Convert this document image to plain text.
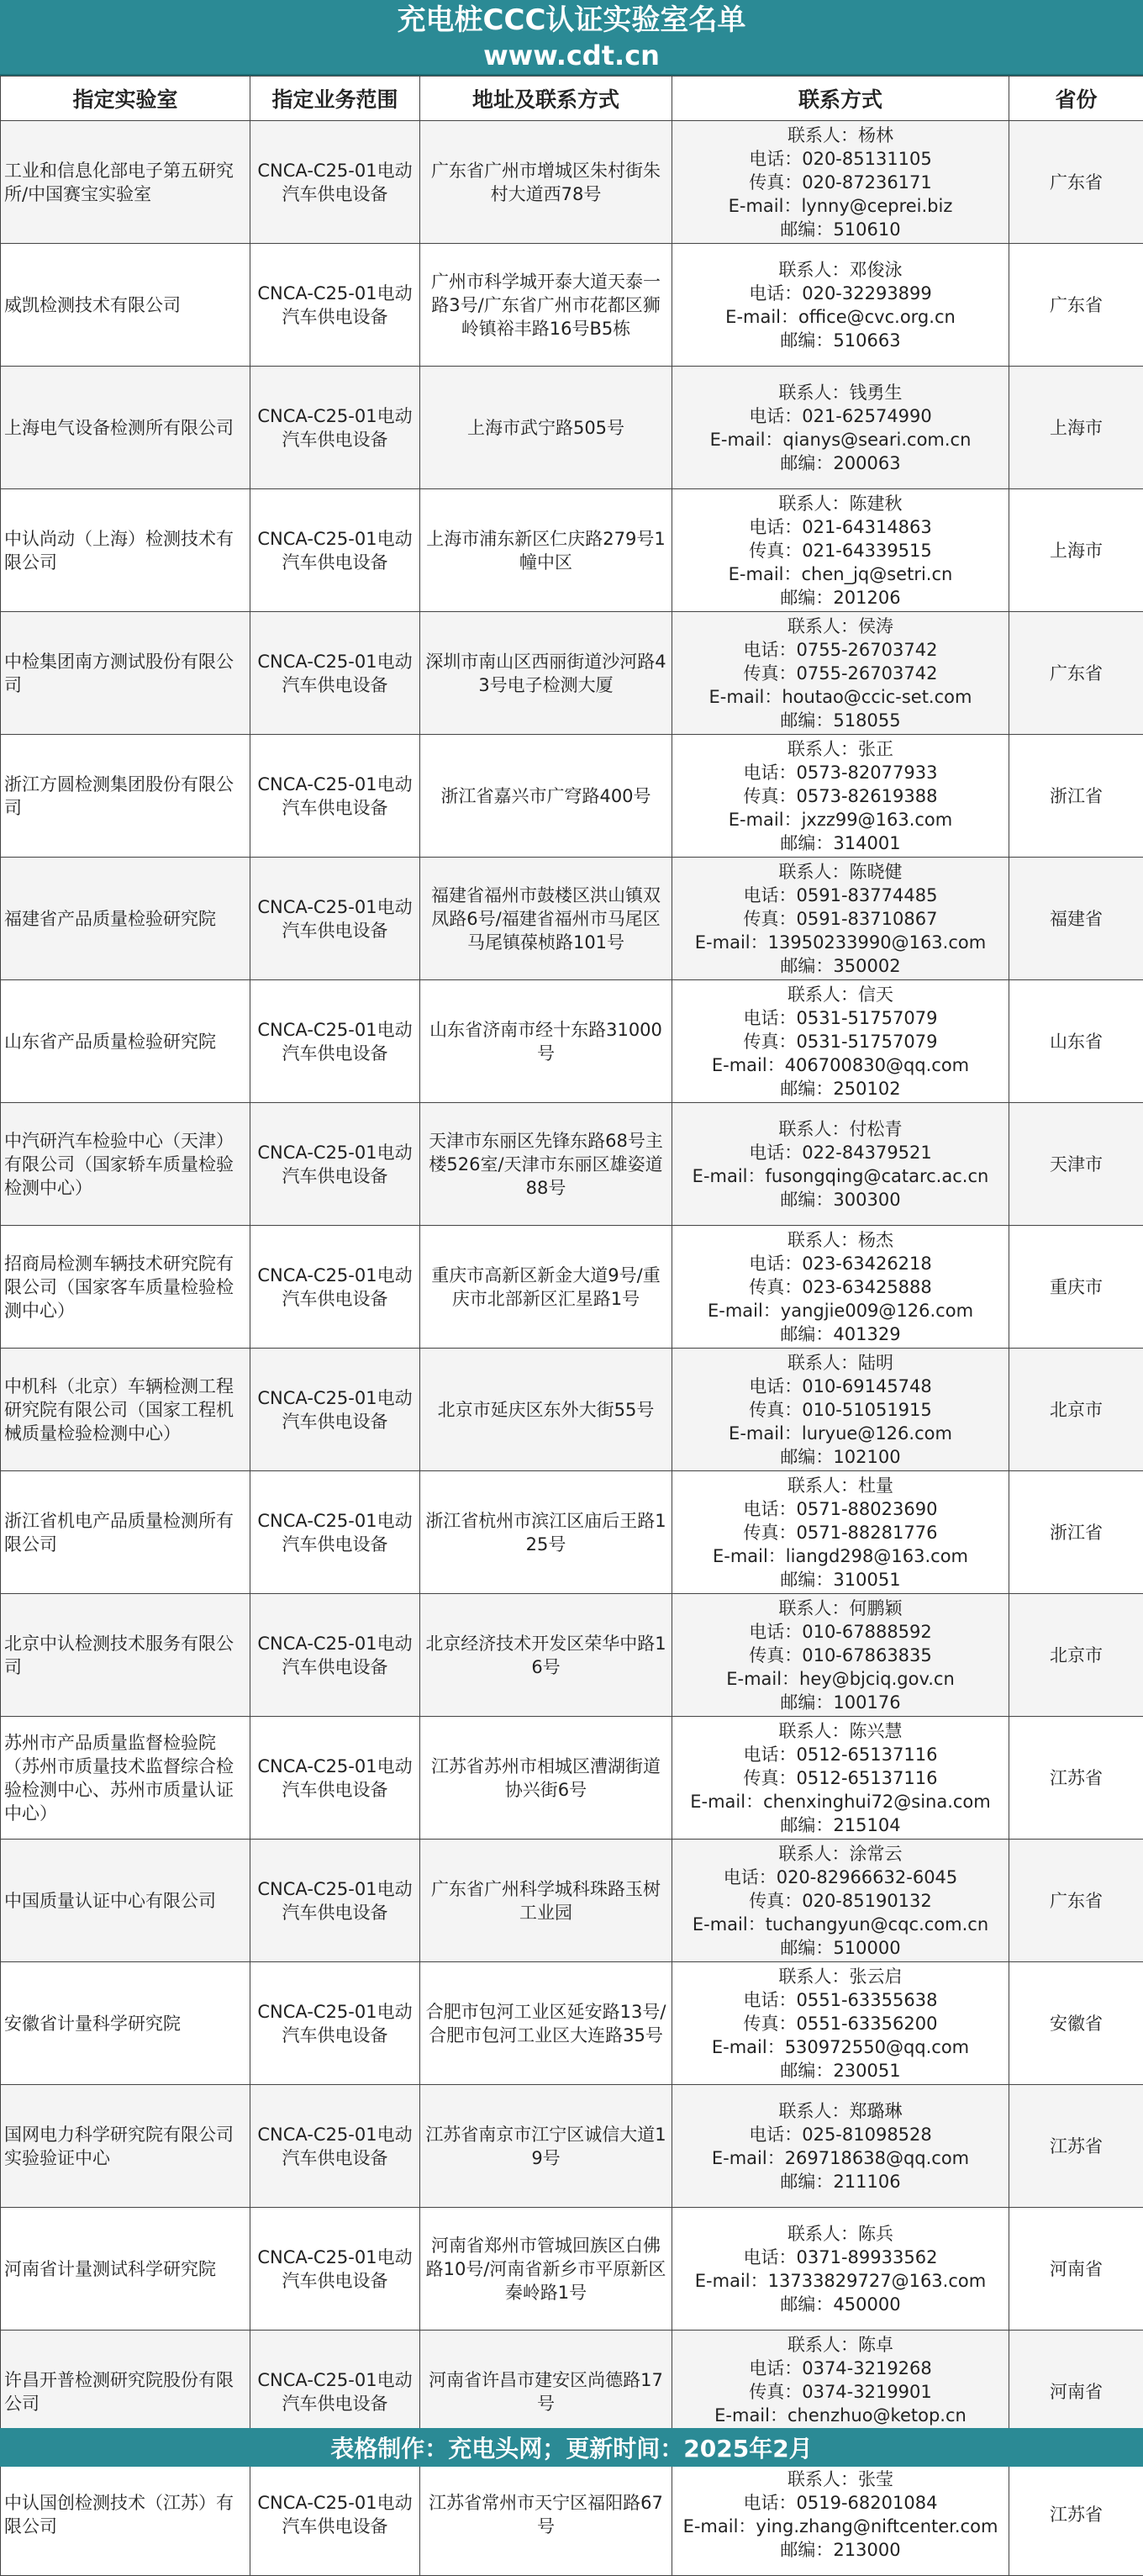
充电桩CCC认证实验室名单
www.cdt.cn
指定实验室	指定业务范围	地址及联系方式	联系方式	省份
工业和信息化部电子第五研究所/中国赛宝实验室	CNCA-C25-01电动汽车供电设备	广东省广州市增城区朱村街朱村大道西78号	联系人：杨林
电话：020-85131105
传真：020-87236171
E-mail：lynny@ceprei.biz
邮编：510610	广东省
威凯检测技术有限公司	CNCA-C25-01电动汽车供电设备	广州市科学城开泰大道天泰一路3号/广东省广州市花都区狮岭镇裕丰路16号B5栋	联系人：邓俊泳
电话：020-32293899
E-mail：office@cvc.org.cn
邮编：510663	广东省
上海电气设备检测所有限公司	CNCA-C25-01电动汽车供电设备	上海市武宁路505号	联系人：钱勇生
电话：021-62574990
E-mail：qianys@seari.com.cn
邮编：200063	上海市
中认尚动（上海）检测技术有限公司	CNCA-C25-01电动汽车供电设备	上海市浦东新区仁庆路279号1幢中区	联系人：陈建秋
电话：021-64314863
传真：021-64339515
E-mail：chen_jq@setri.cn
邮编：201206	上海市
中检集团南方测试股份有限公司	CNCA-C25-01电动汽车供电设备	深圳市南山区西丽街道沙河路43号电子检测大厦	联系人：侯涛
电话：0755-26703742
传真：0755-26703742
E-mail：houtao@ccic-set.com
邮编：518055	广东省
浙江方圆检测集团股份有限公司	CNCA-C25-01电动汽车供电设备	浙江省嘉兴市广穹路400号	联系人：张正
电话：0573-82077933
传真：0573-82619388
E-mail：jxzz99@163.com
邮编：314001	浙江省
福建省产品质量检验研究院	CNCA-C25-01电动汽车供电设备	福建省福州市鼓楼区洪山镇双凤路6号/福建省福州市马尾区马尾镇葆桢路101号	联系人：陈晓健
电话：0591-83774485
传真：0591-83710867
E-mail：13950233990@163.com
邮编：350002	福建省
山东省产品质量检验研究院	CNCA-C25-01电动汽车供电设备	山东省济南市经十东路31000号	联系人：信天
电话：0531-51757079
传真：0531-51757079
E-mail：406700830@qq.com
邮编：250102	山东省
中汽研汽车检验中心（天津）有限公司（国家轿车质量检验检测中心）	CNCA-C25-01电动汽车供电设备	天津市东丽区先锋东路68号主楼526室/天津市东丽区雄姿道88号	联系人：付松青
电话：022-84379521
E-mail：fusongqing@catarc.ac.cn
邮编：300300	天津市
招商局检测车辆技术研究院有限公司（国家客车质量检验检测中心）	CNCA-C25-01电动汽车供电设备	重庆市高新区新金大道9号/重庆市北部新区汇星路1号	联系人：杨杰
电话：023-63426218
传真：023-63425888
E-mail：yangjie009@126.com
邮编：401329	重庆市
中机科（北京）车辆检测工程研究院有限公司（国家工程机械质量检验检测中心）	CNCA-C25-01电动汽车供电设备	北京市延庆区东外大街55号	联系人：陆明
电话：010-69145748
传真：010-51051915
E-mail：luryue@126.com
邮编：102100	北京市
浙江省机电产品质量检测所有限公司	CNCA-C25-01电动汽车供电设备	浙江省杭州市滨江区庙后王路125号	联系人：杜量
电话：0571-88023690
传真：0571-88281776
E-mail：liangd298@163.com
邮编：310051	浙江省
北京中认检测技术服务有限公司	CNCA-C25-01电动汽车供电设备	北京经济技术开发区荣华中路16号	联系人：何鹏颖
电话：010-67888592
传真：010-67863835
E-mail：hey@bjciq.gov.cn
邮编：100176	北京市
苏州市产品质量监督检验院（苏州市质量技术监督综合检验检测中心、苏州市质量认证中心）	CNCA-C25-01电动汽车供电设备	江苏省苏州市相城区漕湖街道协兴街6号	联系人：陈兴慧
电话：0512-65137116
传真：0512-65137116
E-mail：chenxinghui72@sina.com
邮编：215104	江苏省
中国质量认证中心有限公司	CNCA-C25-01电动汽车供电设备	广东省广州科学城科珠路玉树工业园	联系人：涂常云
电话：020-82966632-6045
传真：020-85190132
E-mail：tuchangyun@cqc.com.cn
邮编：510000	广东省
安徽省计量科学研究院	CNCA-C25-01电动汽车供电设备	合肥市包河工业区延安路13号/合肥市包河工业区大连路35号	联系人：张云启
电话：0551-63355638
传真：0551-63356200
E-mail：530972550@qq.com
邮编：230051	安徽省
国网电力科学研究院有限公司实验验证中心	CNCA-C25-01电动汽车供电设备	江苏省南京市江宁区诚信大道19号	联系人：郑璐琳
电话：025-81098528
E-mail：269718638@qq.com
邮编：211106	江苏省
河南省计量测试科学研究院	CNCA-C25-01电动汽车供电设备	河南省郑州市管城回族区白佛路10号/河南省新乡市平原新区秦岭路1号	联系人：陈兵
电话：0371-89933562
E-mail：13733829727@163.com
邮编：450000	河南省
许昌开普检测研究院股份有限公司	CNCA-C25-01电动汽车供电设备	河南省许昌市建安区尚德路17号	联系人：陈卓
电话：0374-3219268
传真：0374-3219901
E-mail：chenzhuo@ketop.cn	河南省
中认国创检测技术（江苏）有限公司	CNCA-C25-01电动汽车供电设备	江苏省常州市天宁区福阳路67号	联系人：张莹
电话：0519-68201084
E-mail：ying.zhang@niftcenter.com
邮编：213000	江苏省
表格制作：充电头网；更新时间：2025年2月
